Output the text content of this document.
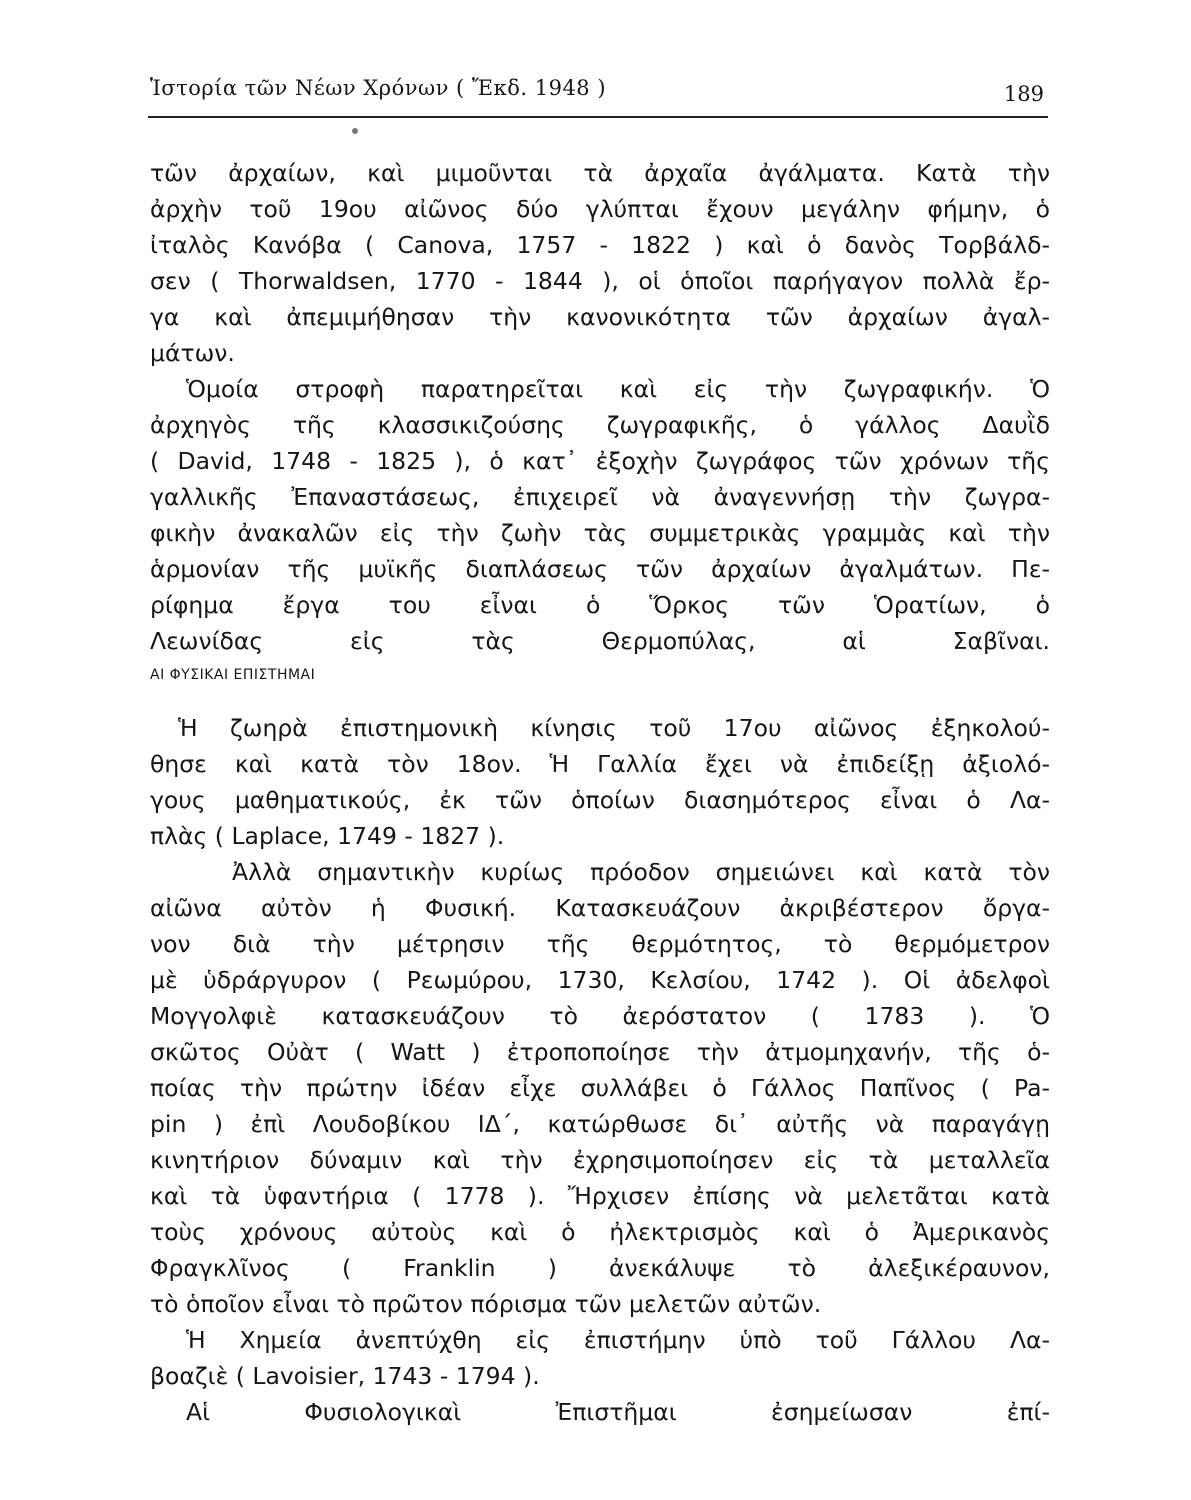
Ἱστορία τῶν Νέων Χρόνων ( Ἔκδ. 1948 )	189
τῶν ἀρχαίων, καὶ μιμοῦνται τὰ ἀρχαῖα ἀγάλματα. Κατὰ τὴν
ἀρχὴν τοῦ 19ου αἰῶνος δύο γλύπται ἔχουν μεγάλην φήμην, ὁ
ἰταλὸς Κανόβα ( Canova, 1757 - 1822 ) καὶ ὁ δανὸς Τορβάλδ-
σεν ( Thorwaldsen, 1770 - 1844 ), οἱ ὁποῖοι παρήγαγον πολλὰ ἔρ-
γα καὶ ἀπεμιμήθησαν τὴν κανονικότητα τῶν ἀρχαίων ἀγαλ-
μάτων.
Ὁμοία στροφὴ παρατηρεῖται καὶ εἰς τὴν ζωγραφικήν. Ὁ
ἀρχηγὸς τῆς κλασσικιζούσης ζωγραφικῆς, ὁ γάλλος Δαυῒδ
( David, 1748 - 1825 ), ὁ κατ᾿ ἐξοχὴν ζωγράφος τῶν χρόνων τῆς
γαλλικῆς Ἐπαναστάσεως, ἐπιχειρεῖ νὰ ἀναγεννήσῃ τὴν ζωγρα-
φικὴν ἀνακαλῶν εἰς τὴν ζωὴν τὰς συμμετρικὰς γραμμὰς καὶ τὴν
ἁρμονίαν τῆς μυϊκῆς διαπλάσεως τῶν ἀρχαίων ἀγαλμάτων. Πε-
ρίφημα ἔργα του εἶναι ὁ Ὅρκος τῶν Ὁρατίων, ὁ
Λεωνίδας εἰς τὰς Θερμοπύλας, αἱ Σαβῖναι.
ΑΙ ΦΥΣΙΚΑΙ ΕΠΙΣΤΗΜΑΙ
Ἡ ζωηρὰ ἐπιστημονικὴ κίνησις τοῦ 17ου αἰῶνος ἐξηκολού-
θησε καὶ κατὰ τὸν 18ον. Ἡ Γαλλία ἔχει νὰ ἐπιδείξῃ ἀξιολό-
γους μαθηματικούς, ἐκ τῶν ὁποίων διασημότερος εἶναι ὁ Λα-
πλὰς ( Laplace, 1749 - 1827 ).
Ἀλλὰ σημαντικὴν κυρίως πρόοδον σημειώνει καὶ κατὰ τὸν
αἰῶνα αὐτὸν ἡ Φυσική. Κατασκευάζουν ἀκριβέστερον ὄργα-
νον διὰ τὴν μέτρησιν τῆς θερμότητος, τὸ θερμόμετρον
μὲ ὑδράργυρον ( Ρεωμύρου, 1730, Κελσίου, 1742 ). Οἱ ἀδελφοὶ
Μογγολφιὲ κατασκευάζουν τὸ ἀερόστατον ( 1783 ). Ὁ
σκῶτος Οὐὰτ ( Watt ) ἐτροποποίησε τὴν ἀτμομηχανήν, τῆς ὁ-
ποίας τὴν πρώτην ἰδέαν εἶχε συλλάβει ὁ Γάλλος Παπῖνος ( Pa-
pin ) ἐπὶ Λουδοβίκου ΙΔ΄, κατώρθωσε δι᾿ αὐτῆς νὰ παραγάγῃ
κινητήριον δύναμιν καὶ τὴν ἐχρησιμοποίησεν εἰς τὰ μεταλλεῖα
καὶ τὰ ὑφαντήρια ( 1778 ). Ἤρχισεν ἐπίσης νὰ μελετᾶται κατὰ
τοὺς χρόνους αὐτοὺς καὶ ὁ ἠλεκτρισμὸς καὶ ὁ Ἀμερικανὸς
Φραγκλῖνος ( Franklin ) ἀνεκάλυψε τὸ ἀλεξικέραυνον,
τὸ ὁποῖον εἶναι τὸ πρῶτον πόρισμα τῶν μελετῶν αὐτῶν.
Ἡ Χημεία ἀνεπτύχθη εἰς ἐπιστήμην ὑπὸ τοῦ Γάλλου Λα-
βοαζιὲ ( Lavoisier, 1743 - 1794 ).
Αἱ Φυσιολογικαὶ Ἐπιστῆμαι ἐσημείωσαν ἐπί-
